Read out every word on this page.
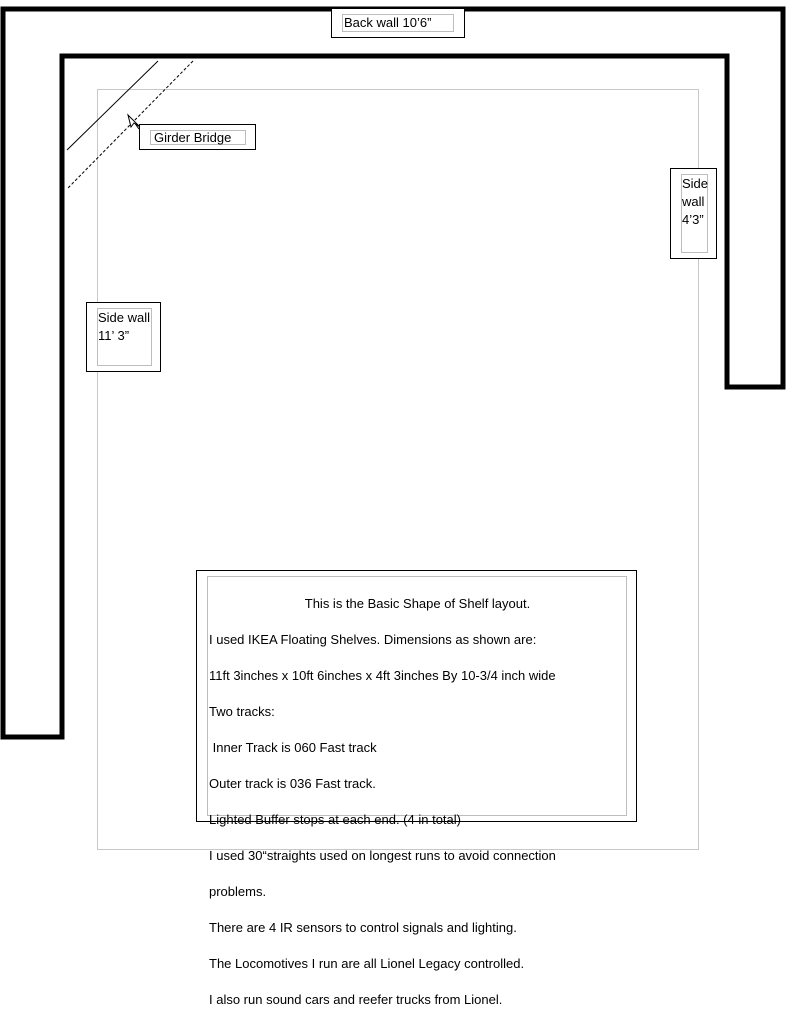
Back wall 10’6”
Girder Bridge
Side
wall
4’3”
Side wall
11’ 3”

This is the Basic Shape of Shelf layout.

I used IKEA Floating Shelves. Dimensions as shown are:

11ft 3inches x 10ft 6inches x 4ft 3inches By 10-3/4 inch wide

Two tracks:

Inner Track is 060 Fast track

Outer track is 036 Fast track.

Lighted Buffer stops at each end. (4 in total)

I used 30“straights used on longest runs to avoid connection

problems.

There are 4 IR sensors to control signals and lighting.

The Locomotives I run are all Lionel Legacy controlled.

I also run sound cars and reefer trucks from Lionel.
